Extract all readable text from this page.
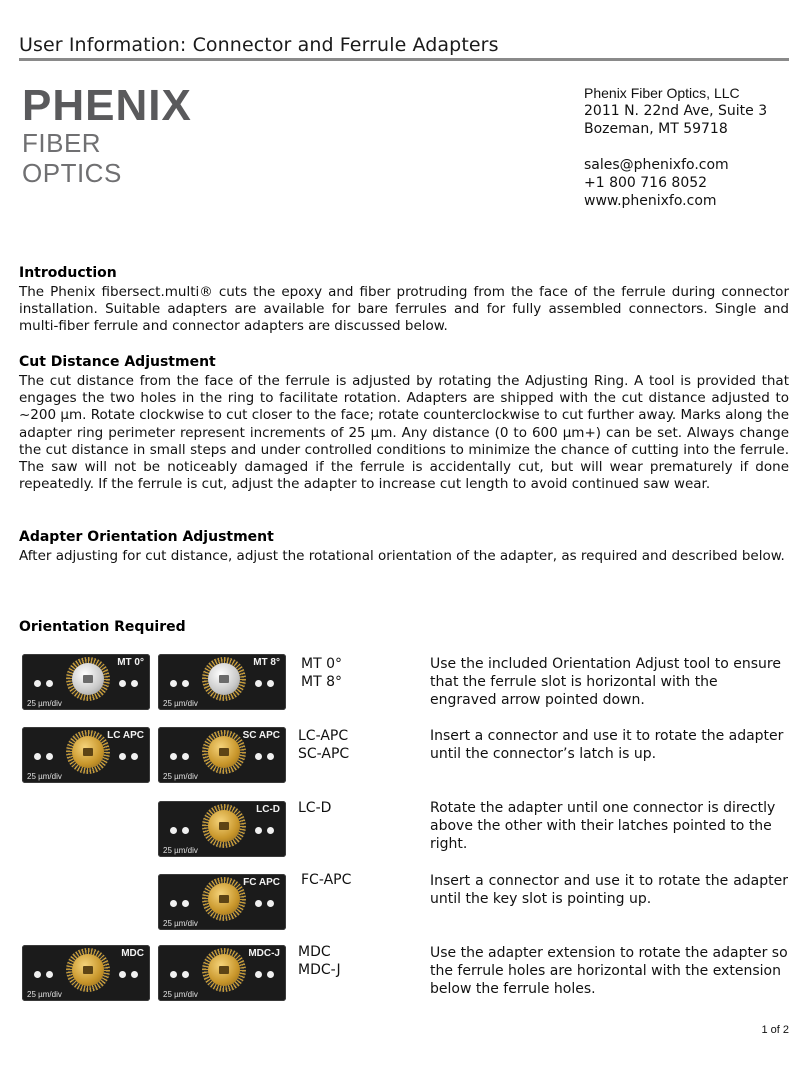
User Information: Connector and Ferrule Adapters
PHENIX
FIBER OPTICS
Phenix Fiber Optics, LLC
2011 N. 22nd Ave, Suite 3
Bozeman, MT 59718
sales@phenixfo.com
+1 800 716 8052
www.phenixfo.com
Introduction
The Phenix fibersect.multi® cuts the epoxy and fiber protruding from the face of the ferrule during connector installation. Suitable adapters are available for bare ferrules and for fully assembled connectors. Single and multi-fiber ferrule and connector adapters are discussed below.
Cut Distance Adjustment
The cut distance from the face of the ferrule is adjusted by rotating the Adjusting Ring. A tool is provided that engages the two holes in the ring to facilitate rotation. Adapters are shipped with the cut distance adjusted to ~200 µm. Rotate clockwise to cut closer to the face; rotate counterclockwise to cut further away. Marks along the adapter ring perimeter represent increments of 25 µm. Any distance (0 to 600 µm+) can be set. Always change the cut distance in small steps and under controlled conditions to minimize the chance of cutting into the ferrule. The saw will not be noticeably damaged if the ferrule is accidentally cut, but will wear prematurely if done repeatedly. If the ferrule is cut, adjust the adapter to increase cut length to avoid continued saw wear.
Adapter Orientation Adjustment
After adjusting for cut distance, adjust the rotational orientation of the adapter, as required and described below.
Orientation Required
MT 0°
25 µm/div
MT 8°
25 µm/div
MT 0°
MT 8°
Use the included Orientation Adjust tool to ensure that the ferrule slot is horizontal with the engraved arrow pointed down.
LC APC
25 µm/div
SC APC
25 µm/div
LC-APC
SC-APC
Insert a connector and use it to rotate the adapter until the connector’s latch is up.
LC-D
25 µm/div
LC-D	Rotate the adapter until one connector is directly above the other with their latches pointed to the right.
FC APC
25 µm/div
FC-APC	Insert a connector and use it to rotate the adapter until the key slot is pointing up.
MDC
25 µm/div
MDC-J
25 µm/div
MDC
MDC-J
Use the adapter extension to rotate the adapter so the ferrule holes are horizontal with the extension below the ferrule holes.
1 of 2
